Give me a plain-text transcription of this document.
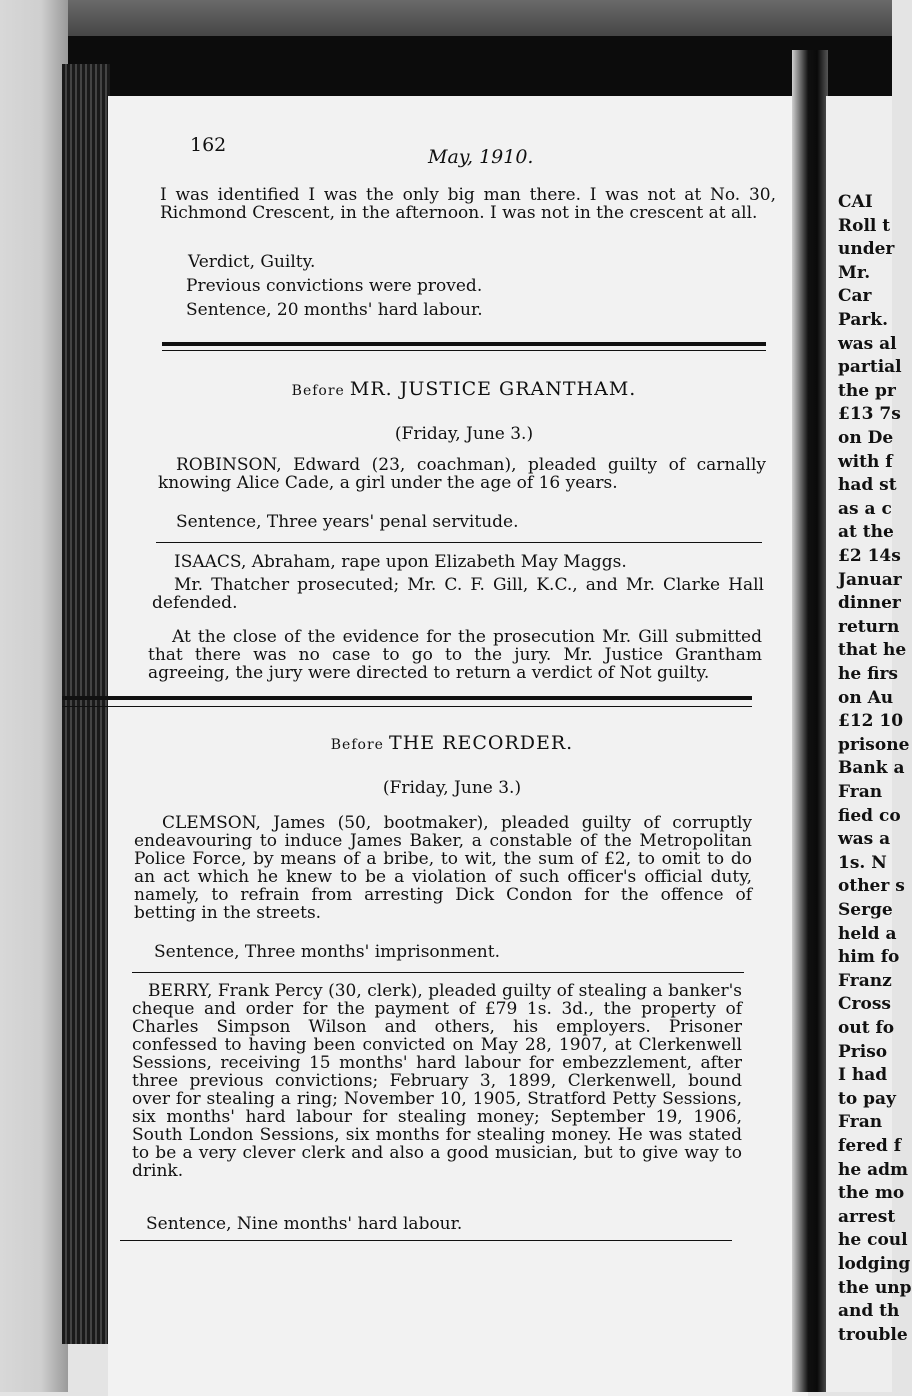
CAI
Roll t
under
Mr.
Car
Park.
was al
partial
the pr
£13 7s
on De
with f
had st
as a c
at the
£2 14s
Januar
dinner
return
that he
he firs
on Au
£12 10
prisone
Bank a
Fran
fied co
was a
1s. N
other s
Serge
held a
him fo
Franz
Cross
out fo
Priso
I had
to pay
Fran
fered f
he adm
the mo
arrest
he coul
lodging
the unp
and th
trouble
162
May, 1910.

I was identified I was the only big man there. I was not at No. 30, Richmond Crescent, in the afternoon. I was not in the crescent at all.

Verdict, Guilty.
Previous convictions were proved.
Sentence, 20 months' hard labour.
Before MR. JUSTICE GRANTHAM.
(Friday, June 3.)

ROBINSON, Edward (23, coachman), pleaded guilty of carnally knowing Alice Cade, a girl under the age of 16 years.

Sentence, Three years' penal servitude.
ISAACS, Abraham, rape upon Elizabeth May Maggs.

Mr. Thatcher prosecuted; Mr. C. F. Gill, K.C., and Mr. Clarke Hall defended.

At the close of the evidence for the prosecution Mr. Gill submitted that there was no case to go to the jury. Mr. Justice Grantham agreeing, the jury were directed to return a verdict of Not guilty.

Before THE RECORDER.
(Friday, June 3.)

CLEMSON, James (50, bootmaker), pleaded guilty of corruptly endeavouring to induce James Baker, a constable of the Metropolitan Police Force, by means of a bribe, to wit, the sum of £2, to omit to do an act which he knew to be a violation of such officer's official duty, namely, to refrain from arresting Dick Condon for the offence of betting in the streets.

Sentence, Three months' imprisonment.

BERRY, Frank Percy (30, clerk), pleaded guilty of stealing a banker's cheque and order for the payment of £79 1s. 3d., the property of Charles Simpson Wilson and others, his employers. Prisoner confessed to having been convicted on May 28, 1907, at Clerkenwell Sessions, receiving 15 months' hard labour for embezzlement, after three previous convictions; February 3, 1899, Clerkenwell, bound over for stealing a ring; November 10, 1905, Stratford Petty Sessions, six months' hard labour for stealing money; September 19, 1906, South London Sessions, six months for stealing money. He was stated to be a very clever clerk and also a good musician, but to give way to drink.

Sentence, Nine months' hard labour.
